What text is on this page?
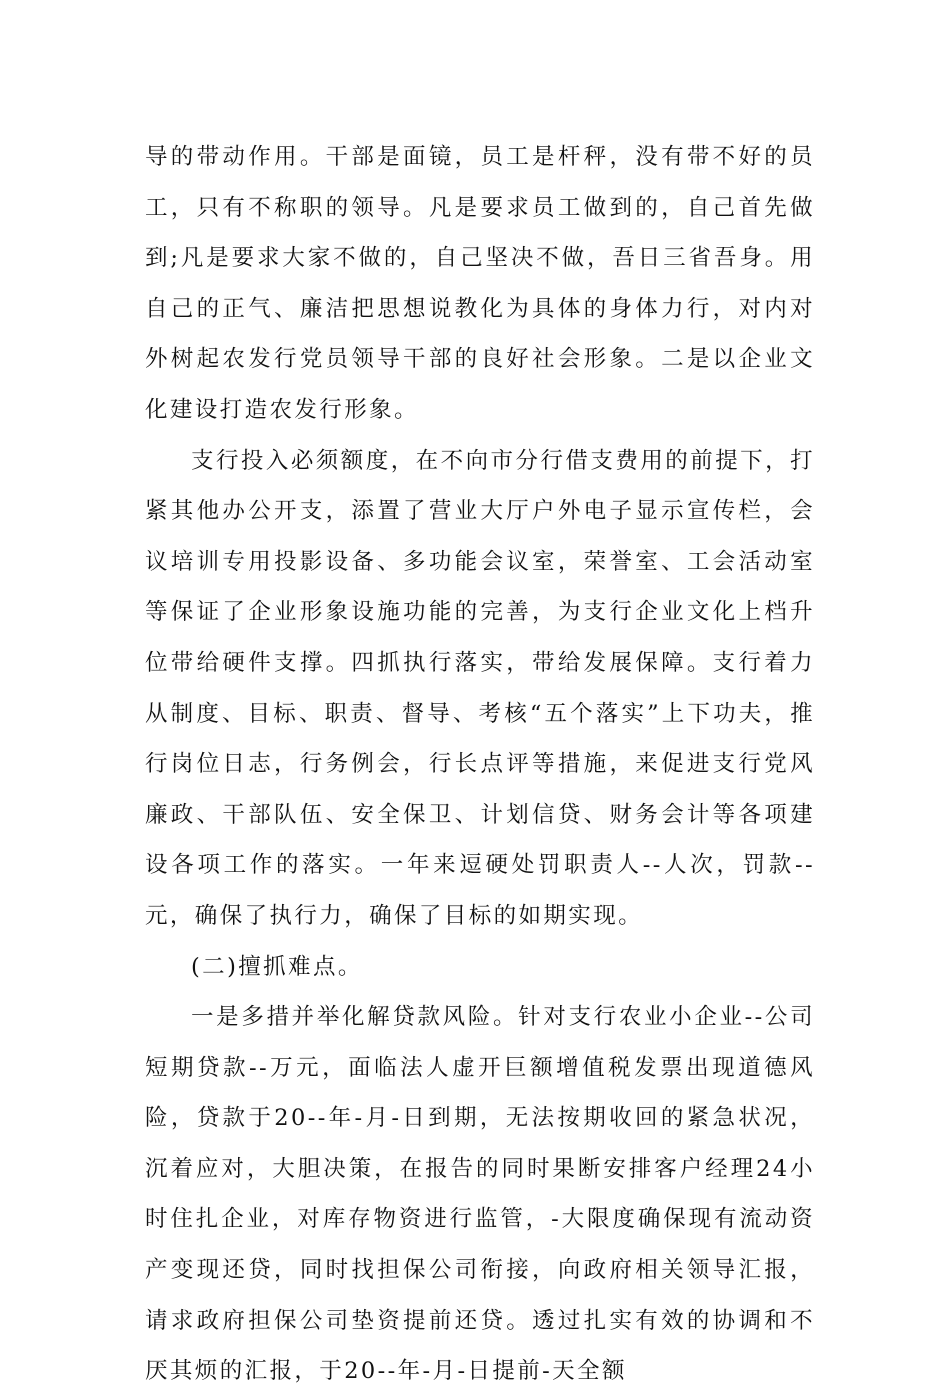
导的带动作用。干部是面镜，员工是杆秤，没有带不好的员工，只有不称职的领导。凡是要求员工做到的，自己首先做到;凡是要求大家不做的，自己坚决不做，吾日三省吾身。用自己的正气、廉洁把思想说教化为具体的身体力行，对内对外树起农发行党员领导干部的良好社会形象。二是以企业文化建设打造农发行形象。

支行投入必须额度，在不向市分行借支费用的前提下，打紧其他办公开支，添置了营业大厅户外电子显示宣传栏，会议培训专用投影设备、多功能会议室，荣誉室、工会活动室等保证了企业形象设施功能的完善，为支行企业文化上档升位带给硬件支撑。四抓执行落实，带给发展保障。支行着力从制度、目标、职责、督导、考核“五个落实”上下功夫，推行岗位日志，行务例会，行长点评等措施，来促进支行党风廉政、干部队伍、安全保卫、计划信贷、财务会计等各项建设各项工作的落实。一年来逗硬处罚职责人--人次，罚款--元，确保了执行力，确保了目标的如期实现。

(二)擅抓难点。

一是多措并举化解贷款风险。针对支行农业小企业--公司短期贷款--万元，面临法人虚开巨额增值税发票出现道德风险，贷款于20--年-月-日到期，无法按期收回的紧急状况，沉着应对，大胆决策，在报告的同时果断安排客户经理24小时住扎企业，对库存物资进行监管，-大限度确保现有流动资产变现还贷，同时找担保公司衔接，向政府相关领导汇报，请求政府担保公司垫资提前还贷。透过扎实有效的协调和不厌其烦的汇报，于20--年-月-日提前-天全额
